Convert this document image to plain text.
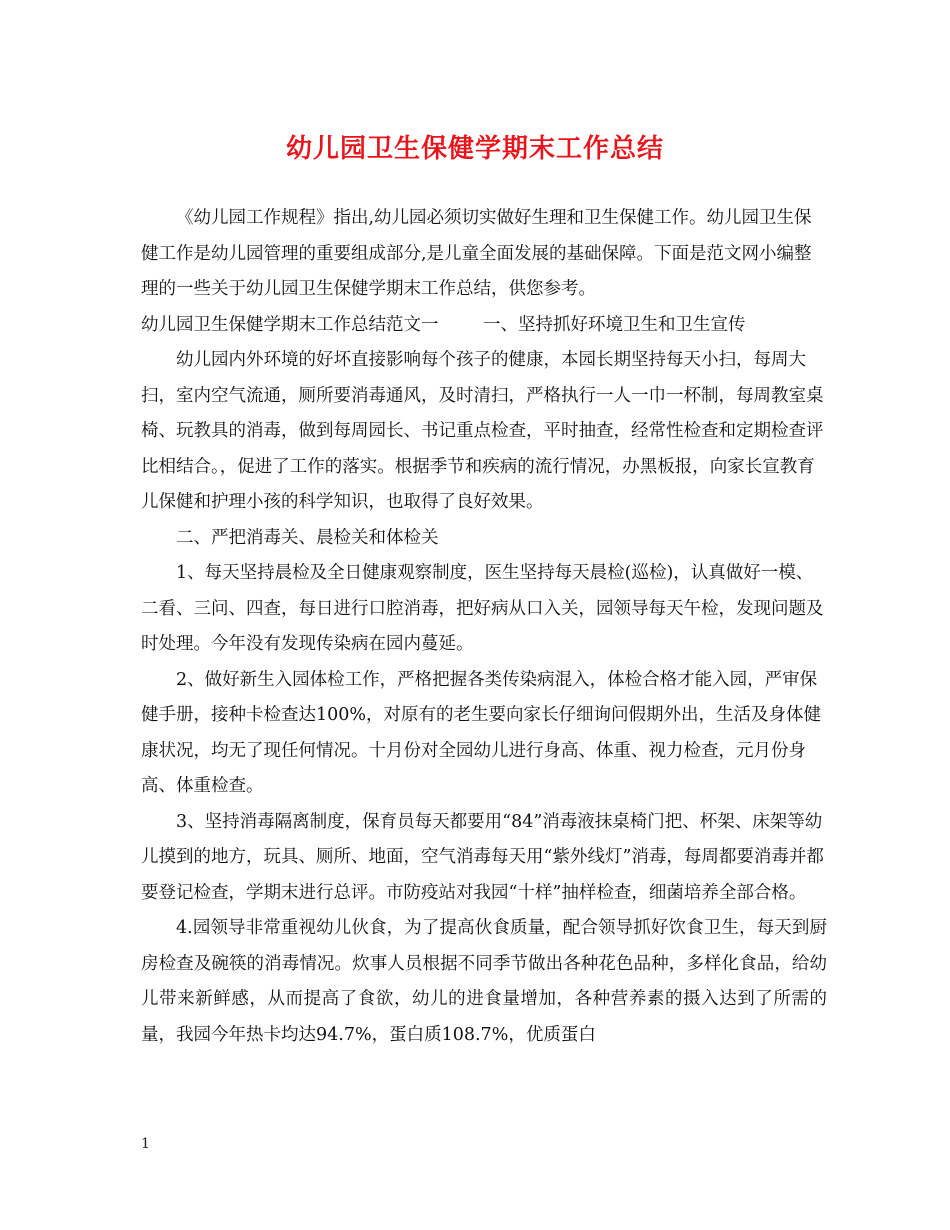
幼儿园卫生保健学期末工作总结

《幼儿园工作规程》指出,幼儿园必须切实做好生理和卫生保健工作。幼儿园卫生保健工作是幼儿园管理的重要组成部分,是儿童全面发展的基础保障。下面是范文网小编整理的一些关于幼儿园卫生保健学期末工作总结，供您参考。

幼儿园卫生保健学期末工作总结范文一        一、坚持抓好环境卫生和卫生宣传

幼儿园内外环境的好坏直接影响每个孩子的健康，本园长期坚持每天小扫，每周大扫，室内空气流通，厕所要消毒通风，及时清扫，严格执行一人一巾一杯制，每周教室桌椅、玩教具的消毒，做到每周园长、书记重点检查，平时抽查，经常性检查和定期检查评比相结合。，促进了工作的落实。根据季节和疾病的流行情况，办黑板报，向家长宣教育儿保健和护理小孩的科学知识，也取得了良好效果。

二、严把消毒关、晨检关和体检关

1、每天坚持晨检及全日健康观察制度，医生坚持每天晨检(巡检)，认真做好一模、二看、三问、四查，每日进行口腔消毒，把好病从口入关，园领导每天午检，发现问题及时处理。今年没有发现传染病在园内蔓延。

2、做好新生入园体检工作，严格把握各类传染病混入，体检合格才能入园，严审保健手册，接种卡检查达100%，对原有的老生要向家长仔细询问假期外出，生活及身体健康状况，均无了现任何情况。十月份对全园幼儿进行身高、体重、视力检查，元月份身高、体重检查。

3、坚持消毒隔离制度，保育员每天都要用“84”消毒液抹桌椅门把、杯架、床架等幼儿摸到的地方，玩具、厕所、地面，空气消毒每天用“紫外线灯”消毒，每周都要消毒并都要登记检查，学期末进行总评。市防疫站对我园“十样”抽样检查，细菌培养全部合格。

4.园领导非常重视幼儿伙食，为了提高伙食质量，配合领导抓好饮食卫生，每天到厨房检查及碗筷的消毒情况。炊事人员根据不同季节做出各种花色品种，多样化食品，给幼儿带来新鲜感，从而提高了食欲，幼儿的进食量增加，各种营养素的摄入达到了所需的量，我园今年热卡均达94.7%，蛋白质108.7%，优质蛋白

1
